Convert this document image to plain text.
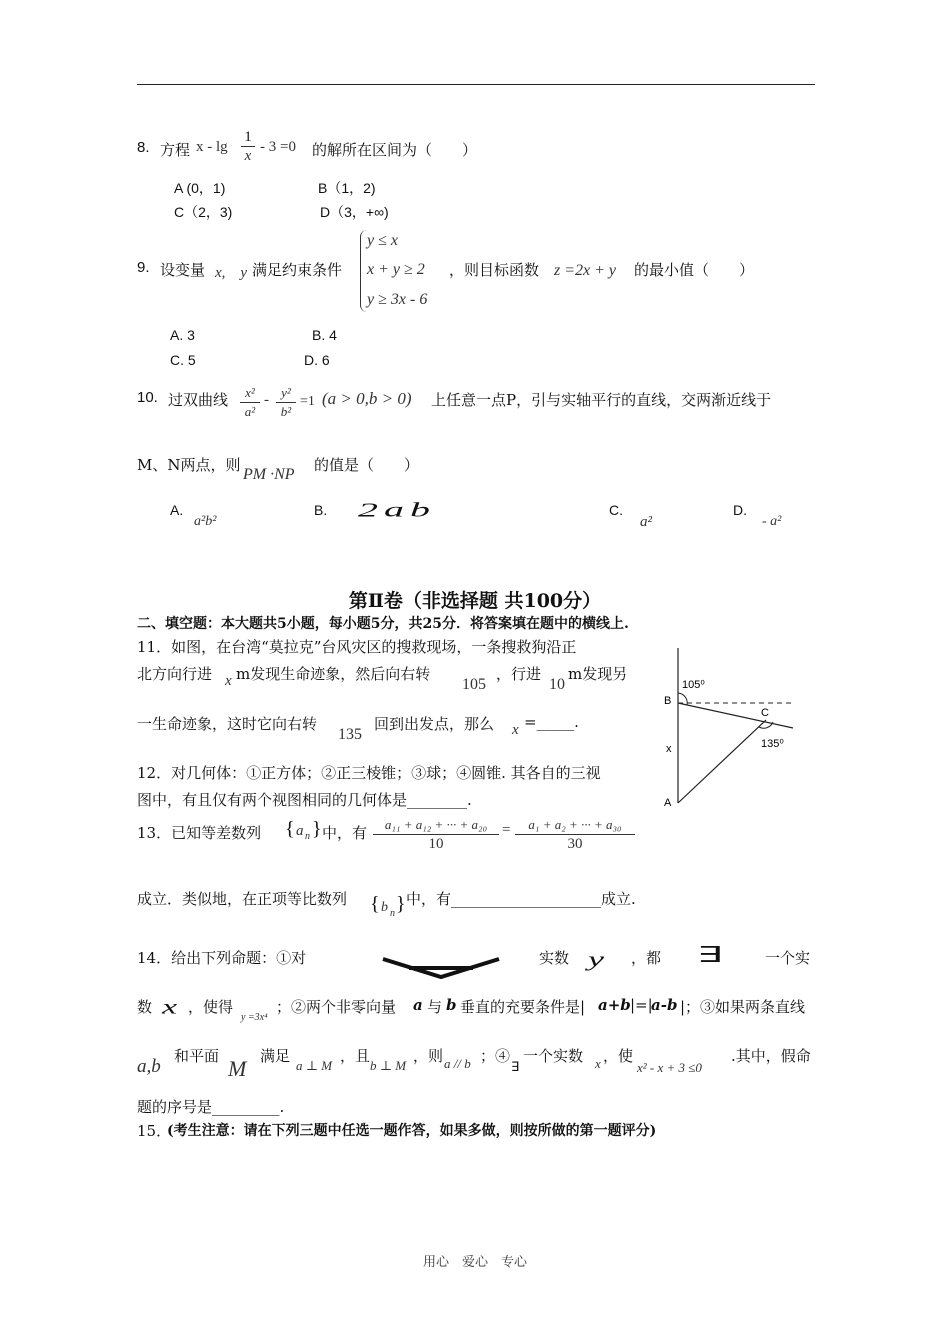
8. 方程 $x - \lg \frac{1}{x} - 3 =0$ 的解所在区间为（　　）
A (0，1)	B（1，2)
C（2，3)	D（3，+∞)
9. 设变量 x,　y 满足约束条件
y ≤ x
x + y ≥ 2
y ≥ 3x - 6
，则目标函数 z =2x + y 的最小值（　　）
A. 3	B. 4
C. 5	D. 6
10. 过双曲线 $\frac{\text{x²}}{\text{a²}} - \frac{\text{y²}}{\text{b²}} =1$ (a > 0,b > 0) 上任意一点P，引与实轴平行的直线，交两渐近线于
M、N两点，则
PM ·NP
的值是（　　）
A.
a²b²
B. 2ab	C.
a²
D.
- a²
第Ⅱ卷（非选择题 共100分）
二、填空题：本大题共5小题，每小题5分，共25分．将答案填在题中的横线上.
11．如图，在台湾“莫拉克”台风灾区的搜救现场，一条搜救狗沿正
北方向行进 x m发现生命迹象，然后向右转
105
，行进
10
m发现另
一生命迹象，这时它向右转
135
回到出发点，那么 x =_____.
105⁰
B
C
135⁰
x
A
12．对几何体：①正方体；②正三棱锥；③球；④圆锥. 其各自的三视
图中，有且仅有两个视图相同的几何体是________.
13．已知等差数列 { a n } 中，有 $\frac{\text{a₁₁ + a₁₂ + ··· + a₂₀}}{10} = \frac{\text{a₁ + a₂ + ··· + a₃₀}}{30}$
成立．类似地，在正项等比数列 { b n } 中，有____________________成立.
14．给出下列命题：①对	实数 y ，都 ∃	一个实
数 x ，使得
y =3x⁴
；②两个非零向量 a 与 b 垂直的充要条件是| a+b |=|
a-b |；③如果两条直线
a,b 和平面 M 满足
a ⊥ M
，且
b ⊥ M
，则 a // b ；④
∃
一个实数 x ，使
x² - x + 3 ≤0
.其中，假命
题的序号是_________.
15．
(考生注意：请在下列三题中任选一题作答，如果多做，则按所做的第一题评分)
用心　爱心　专心
